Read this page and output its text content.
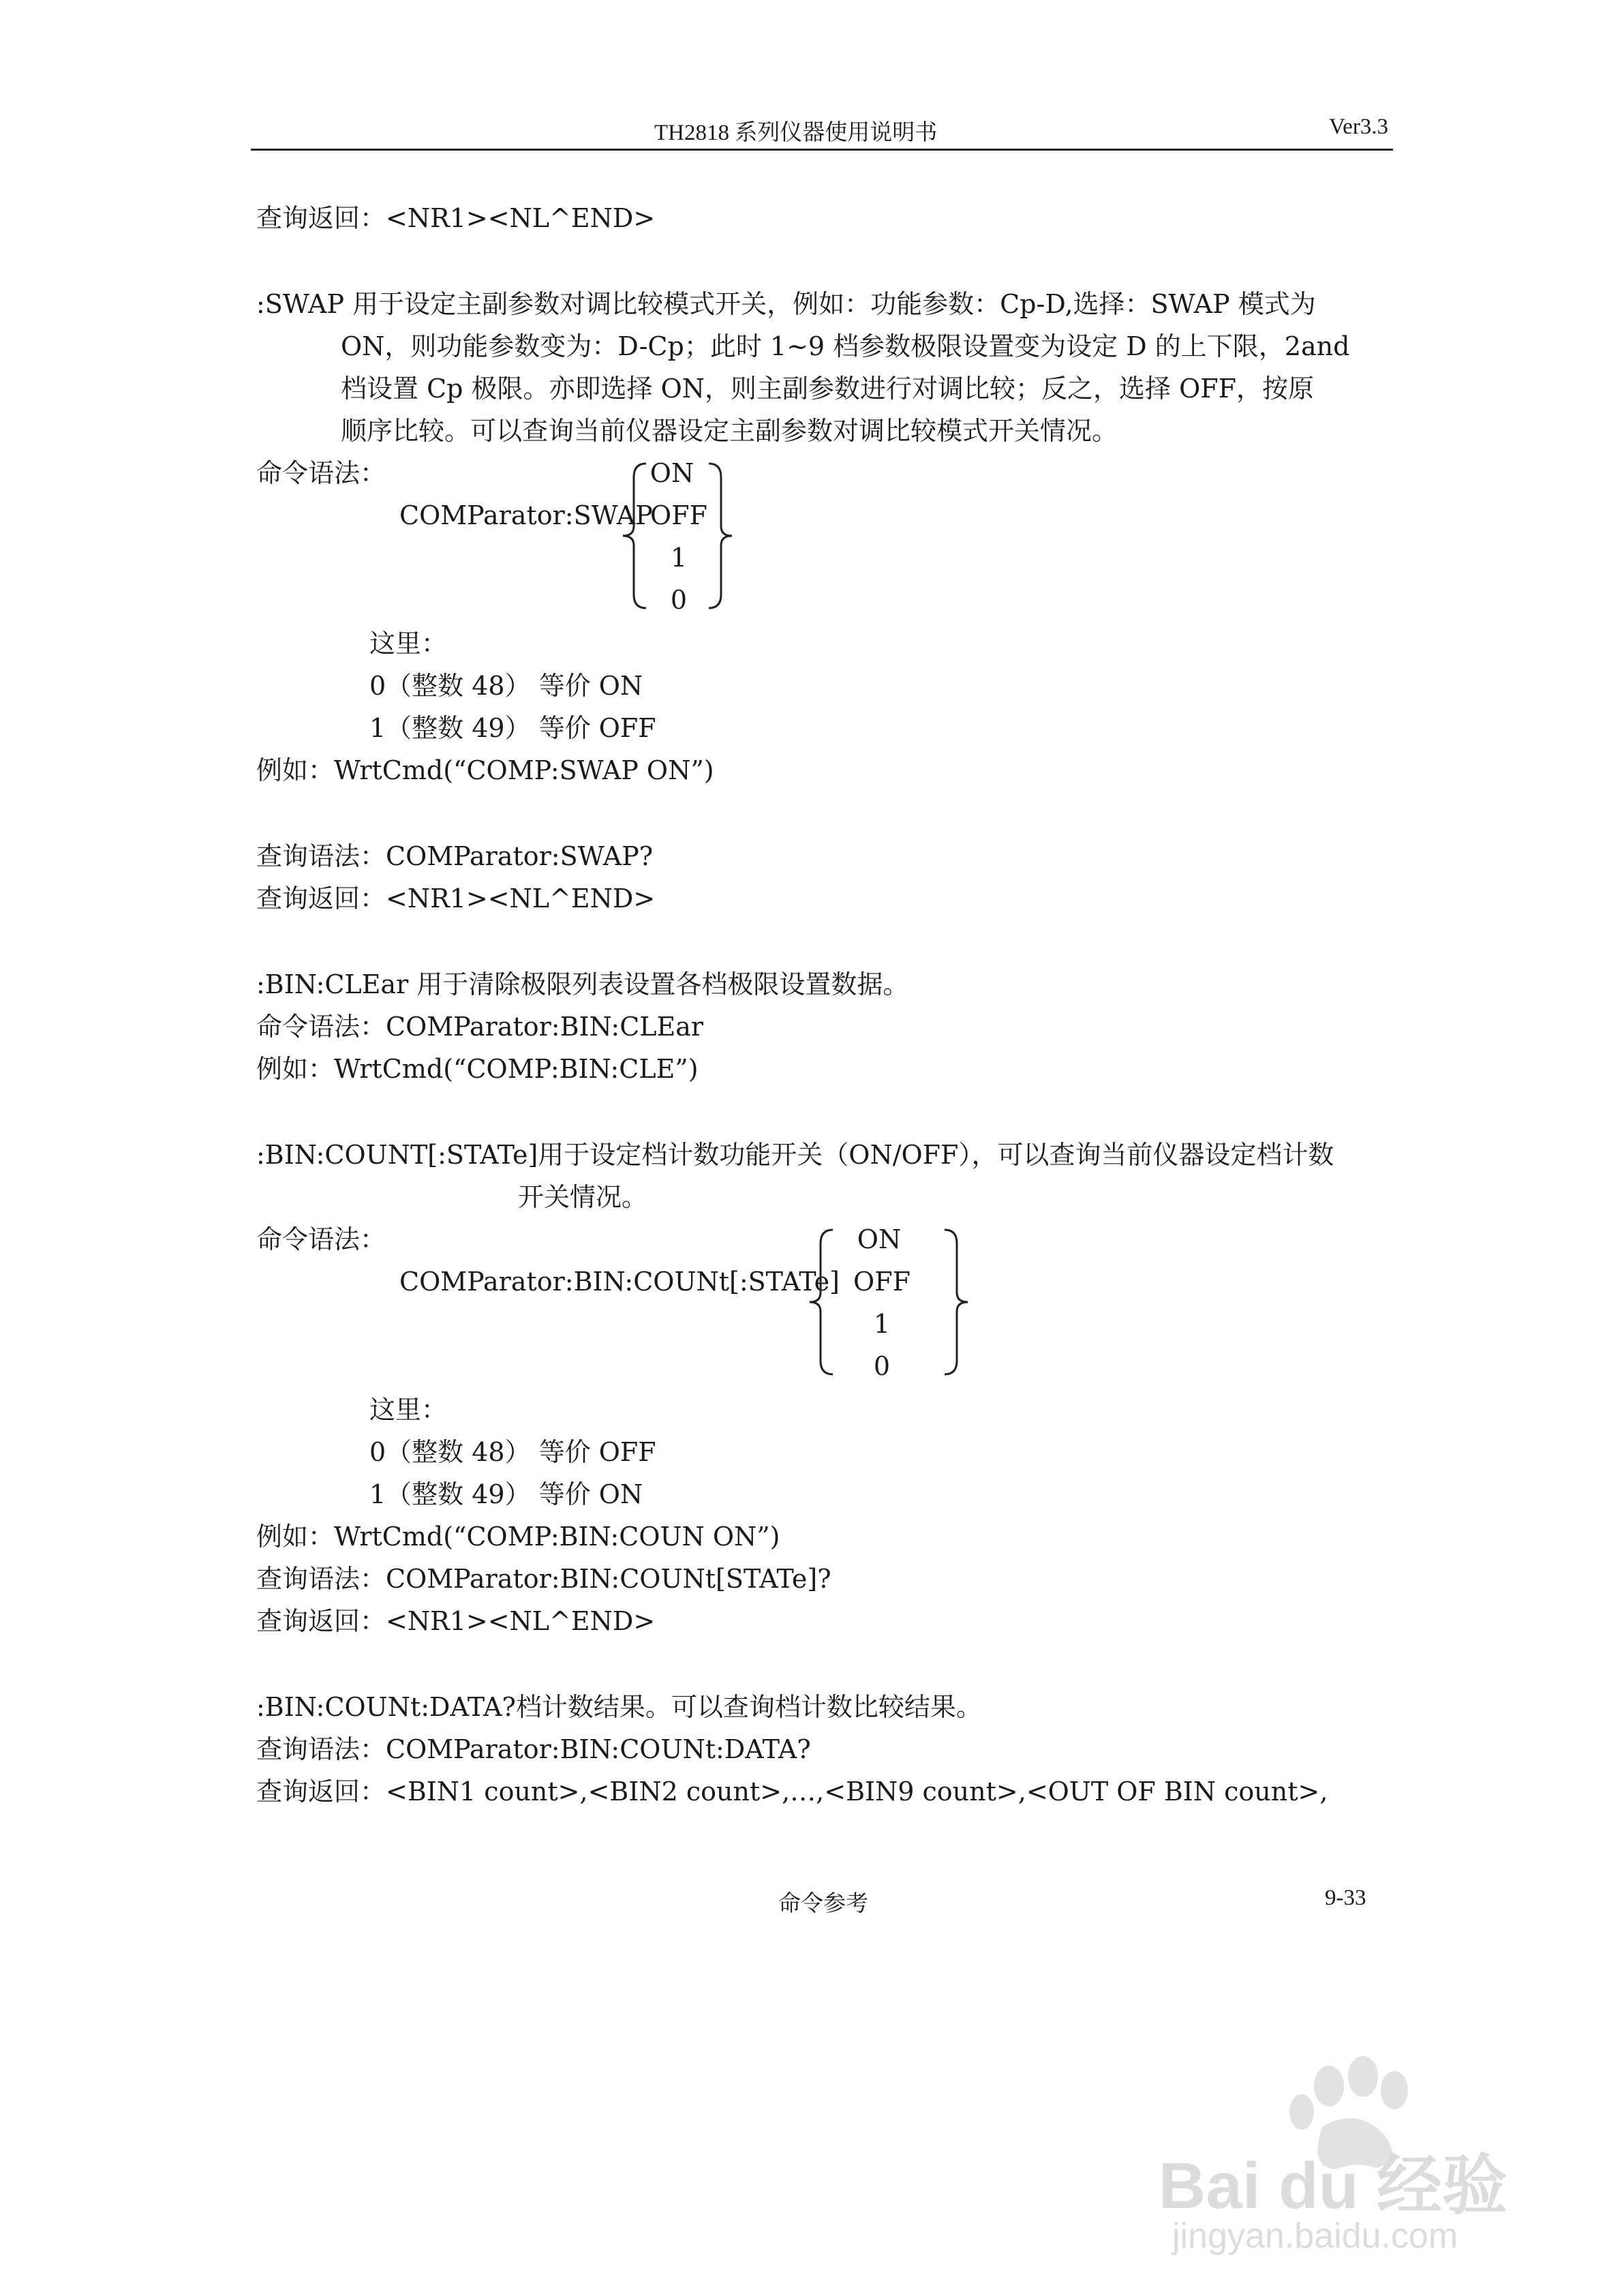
TH2818 系列仪器使用说明书	Ver3.3
查询返回：<NR1><NL^END>
:SWAP 用于设定主副参数对调比较模式开关，例如：功能参数：Cp-D,选择：SWAP 模式为
ON，则功能参数变为：D-Cp；此时 1~9 档参数极限设置变为设定 D 的上下限，2and
档设置 Cp 极限。亦即选择 ON，则主副参数进行对调比较；反之，选择 OFF，按原
顺序比较。可以查询当前仪器设定主副参数对调比较模式开关情况。
命令语法：
COMParator:SWAP
ON
OFF
1
0
这里：
0（整数 48） 等价 ON
1（整数 49） 等价 OFF
例如：WrtCmd(“COMP:SWAP ON”)
查询语法：COMParator:SWAP?
查询返回：<NR1><NL^END>
:BIN:CLEar 用于清除极限列表设置各档极限设置数据。
命令语法：COMParator:BIN:CLEar
例如：WrtCmd(“COMP:BIN:CLE”)
:BIN:COUNT[:STATe]用于设定档计数功能开关（ON/OFF），可以查询当前仪器设定档计数
开关情况。
命令语法：
COMParator:BIN:COUNt[:STATe]
ON
OFF
1
0
这里：
0（整数 48） 等价 OFF
1（整数 49） 等价 ON
例如：WrtCmd(“COMP:BIN:COUN ON”)
查询语法：COMParator:BIN:COUNt[STATe]?
查询返回：<NR1><NL^END>
:BIN:COUNt:DATA?档计数结果。可以查询档计数比较结果。
查询语法：COMParator:BIN:COUNt:DATA?
查询返回：<BIN1 count>,<BIN2 count>,…,<BIN9 count>,<OUT OF BIN count>,
命令参考	9-33
Bai du 经验
jingyan.baidu.com
